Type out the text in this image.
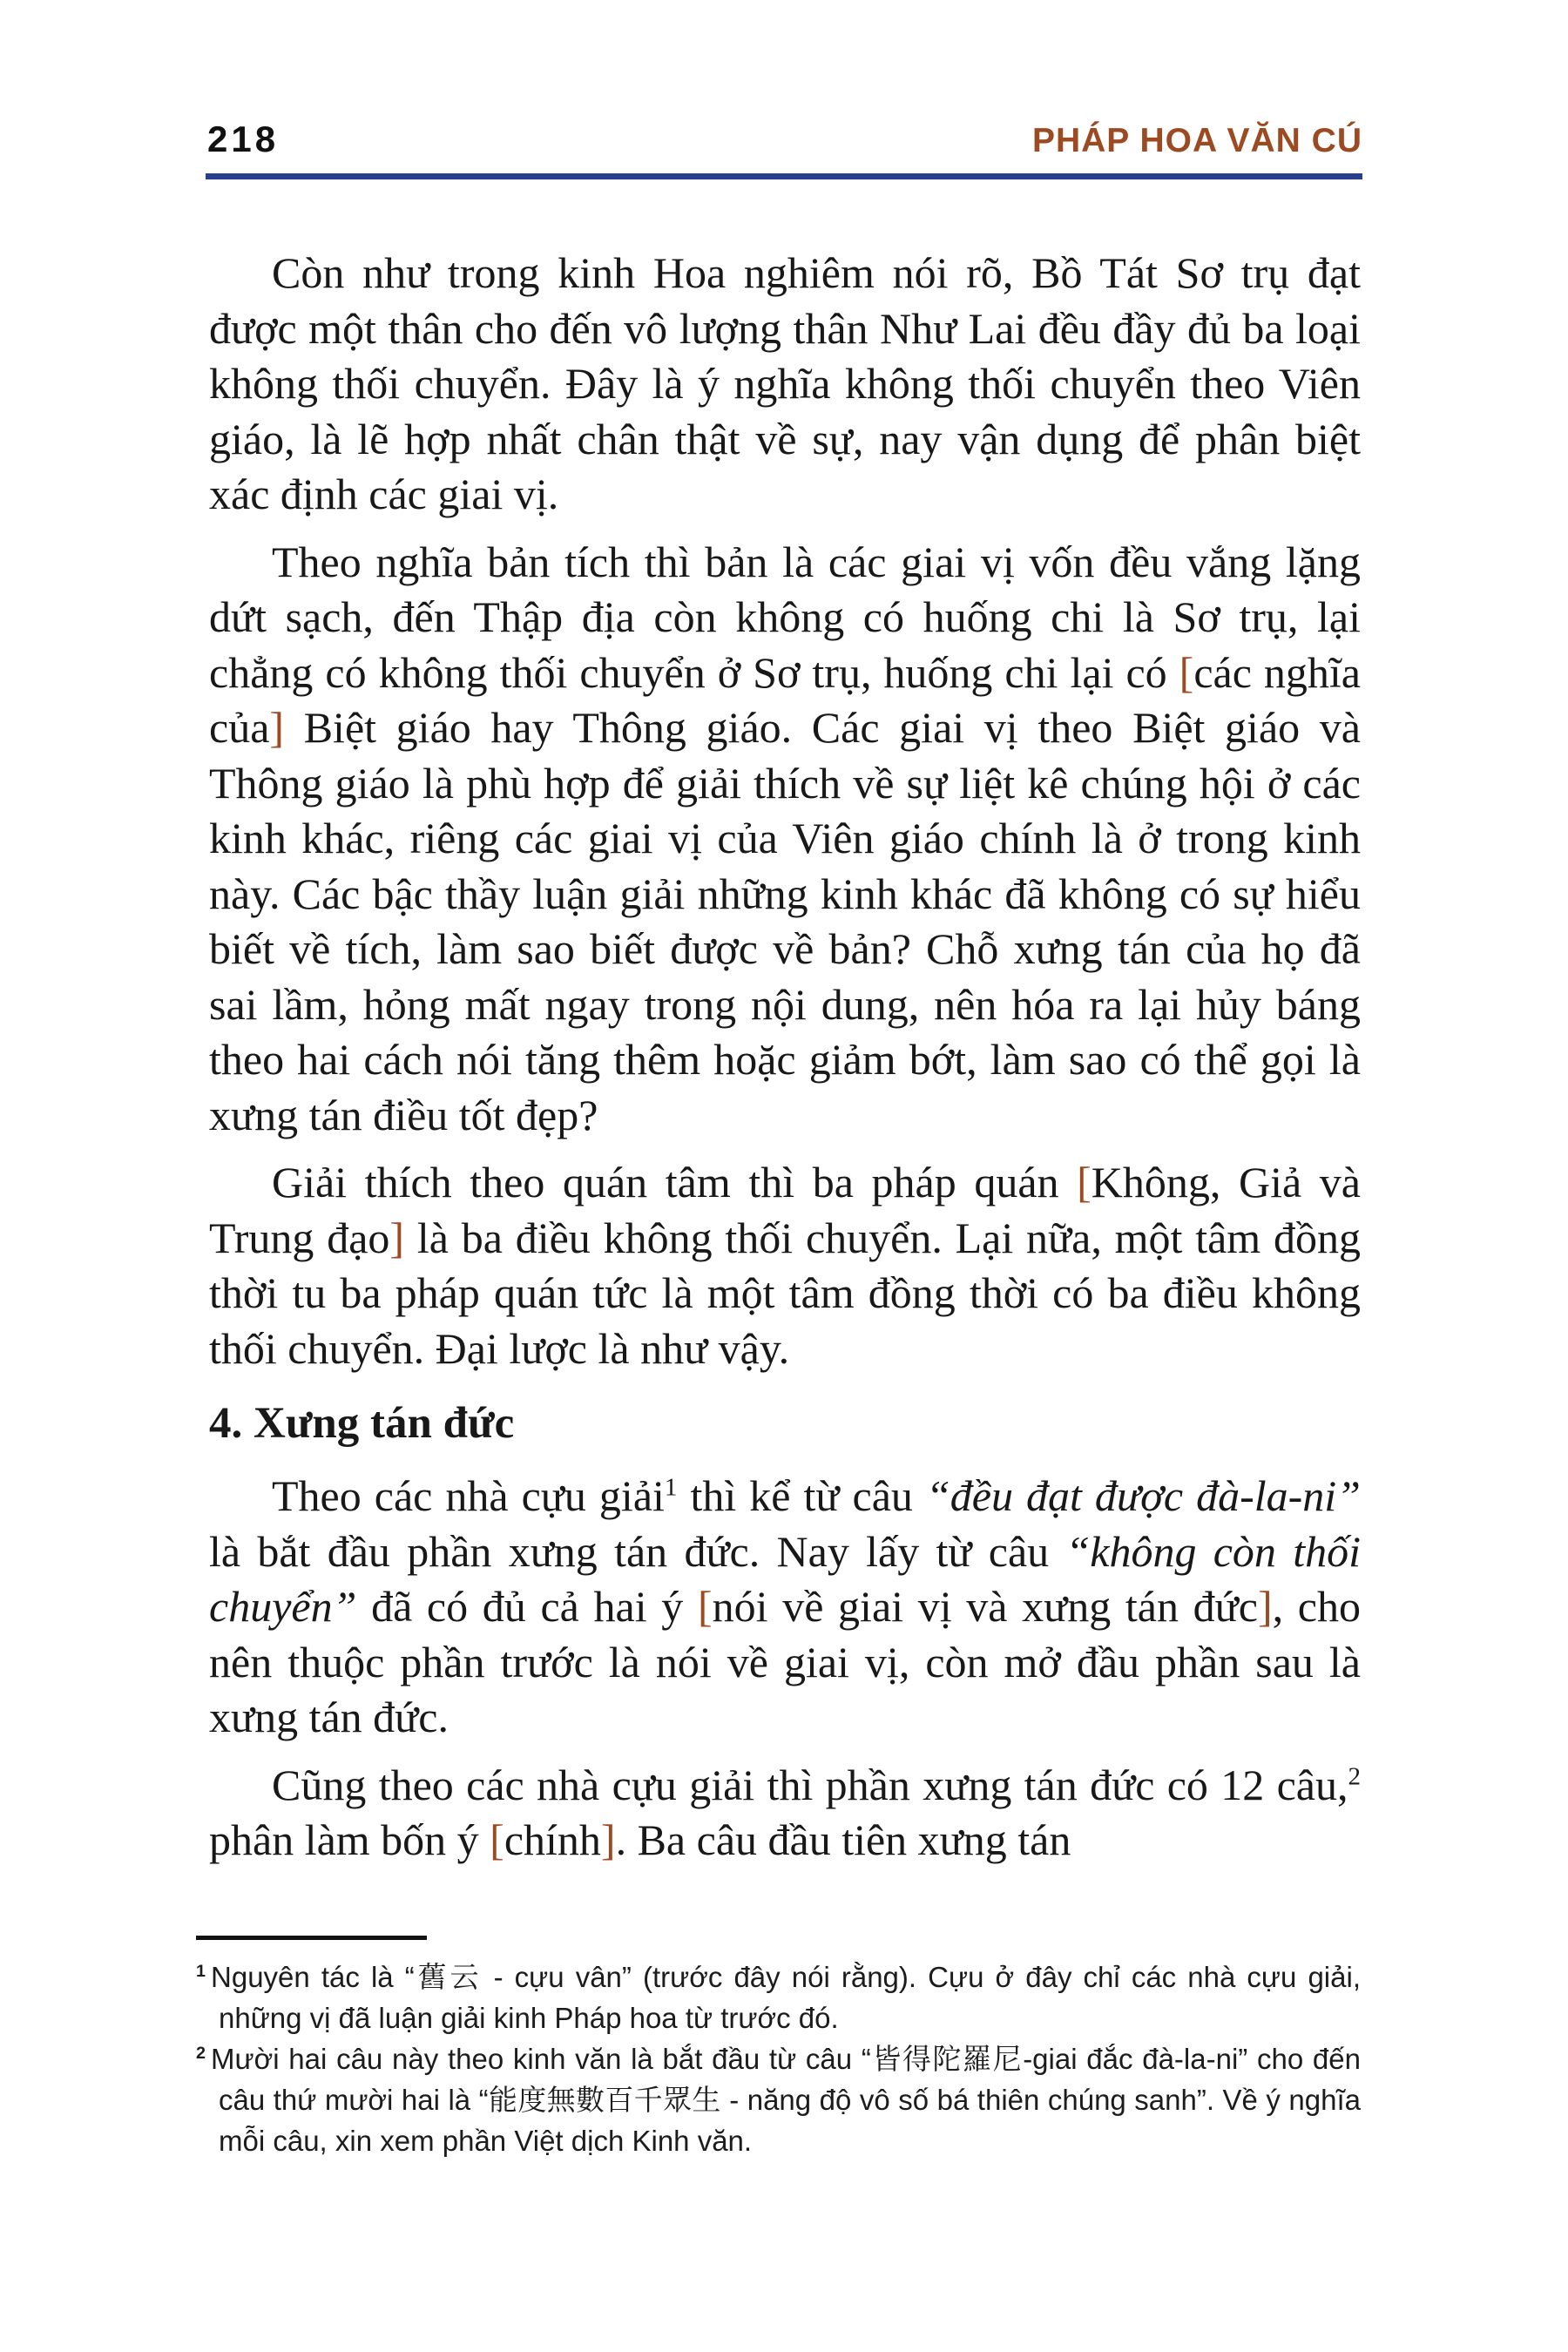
218	PHÁP HOA VĂN CÚ

Còn như trong kinh Hoa nghiêm nói rõ, Bồ Tát Sơ trụ đạt được một thân cho đến vô lượng thân Như Lai đều đầy đủ ba loại không thối chuyển. Đây là ý nghĩa không thối chuyển theo Viên giáo, là lẽ hợp nhất chân thật về sự, nay vận dụng để phân biệt xác định các giai vị.

Theo nghĩa bản tích thì bản là các giai vị vốn đều vắng lặng dứt sạch, đến Thập địa còn không có huống chi là Sơ trụ, lại chẳng có không thối chuyển ở Sơ trụ, huống chi lại có [các nghĩa của] Biệt giáo hay Thông giáo. Các giai vị theo Biệt giáo và Thông giáo là phù hợp để giải thích về sự liệt kê chúng hội ở các kinh khác, riêng các giai vị của Viên giáo chính là ở trong kinh này. Các bậc thầy luận giải những kinh khác đã không có sự hiểu biết về tích, làm sao biết được về bản? Chỗ xưng tán của họ đã sai lầm, hỏng mất ngay trong nội dung, nên hóa ra lại hủy báng theo hai cách nói tăng thêm hoặc giảm bớt, làm sao có thể gọi là xưng tán điều tốt đẹp?

Giải thích theo quán tâm thì ba pháp quán [Không, Giả và Trung đạo] là ba điều không thối chuyển. Lại nữa, một tâm đồng thời tu ba pháp quán tức là một tâm đồng thời có ba điều không thối chuyển. Đại lược là như vậy.

4. Xưng tán đức

Theo các nhà cựu giải$^1$ thì kể từ câu “đều đạt được đà-la-ni” là bắt đầu phần xưng tán đức. Nay lấy từ câu “không còn thối chuyển” đã có đủ cả hai ý [nói về giai vị và xưng tán đức], cho nên thuộc phần trước là nói về giai vị, còn mở đầu phần sau là xưng tán đức.

Cũng theo các nhà cựu giải thì phần xưng tán đức có 12 câu,$^2$ phân làm bốn ý [chính]. Ba câu đầu tiên xưng tán

$^1$ Nguyên tác là “舊云 - cựu vân” (trước đây nói rằng). Cựu ở đây chỉ các nhà cựu giải, những vị đã luận giải kinh Pháp hoa từ trước đó.

$^2$ Mười hai câu này theo kinh văn là bắt đầu từ câu “皆得陀羅尼-giai đắc đà-la-ni” cho đến câu thứ mười hai là “能度無數百千眾生 - năng độ vô số bá thiên chúng sanh”. Về ý nghĩa mỗi câu, xin xem phần Việt dịch Kinh văn.
